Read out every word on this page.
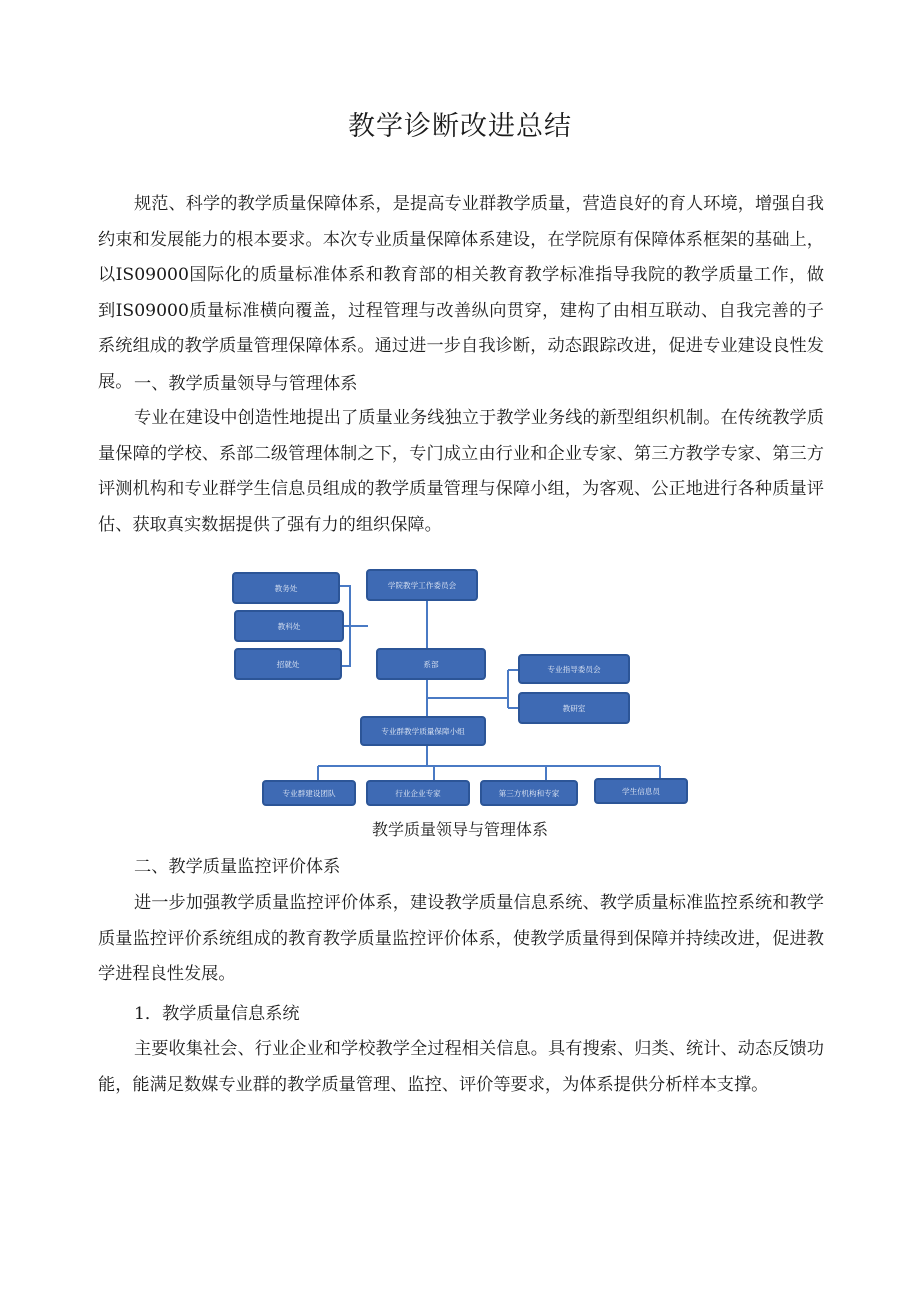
教学诊断改进总结

规范、科学的教学质量保障体系，是提高专业群教学质量，营造良好的育人环境，增强自我约束和发展能力的根本要求。本次专业质量保障体系建设，在学院原有保障体系框架的基础上，以IS09000国际化的质量标准体系和教育部的相关教育教学标准指导我院的教学质量工作，做到IS09000质量标准横向覆盖，过程管理与改善纵向贯穿，建构了由相互联动、自我完善的子系统组成的教学质量管理保障体系。通过进一步自我诊断，动态跟踪改进，促进专业建设良性发展。 一、教学质量领导与管理体系

专业在建设中创造性地提出了质量业务线独立于教学业务线的新型组织机制。在传统教学质量保障的学校、系部二级管理体制之下，专门成立由行业和企业专家、第三方教学专家、第三方评测机构和专业群学生信息员组成的教学质量管理与保障小组，为客观、公正地进行各种质量评估、获取真实数据提供了强有力的组织保障。

教务处
教科处
招就处
学院教学工作委员会
系部
专业指导委员会
教研室
专业群教学质量保障小组
专业群建设团队	行业企业专家	第三方机构和专家	学生信息员

教学质量领导与管理体系

二、教学质量监控评价体系

进一步加强教学质量监控评价体系，建设教学质量信息系统、教学质量标准监控系统和教学质量监控评价系统组成的教育教学质量监控评价体系，使教学质量得到保障并持续改进，促进教学进程良性发展。

1．教学质量信息系统

主要收集社会、行业企业和学校教学全过程相关信息。具有搜索、归类、统计、动态反馈功能，能满足数媒专业群的教学质量管理、监控、评价等要求，为体系提供分析样本支撑。
